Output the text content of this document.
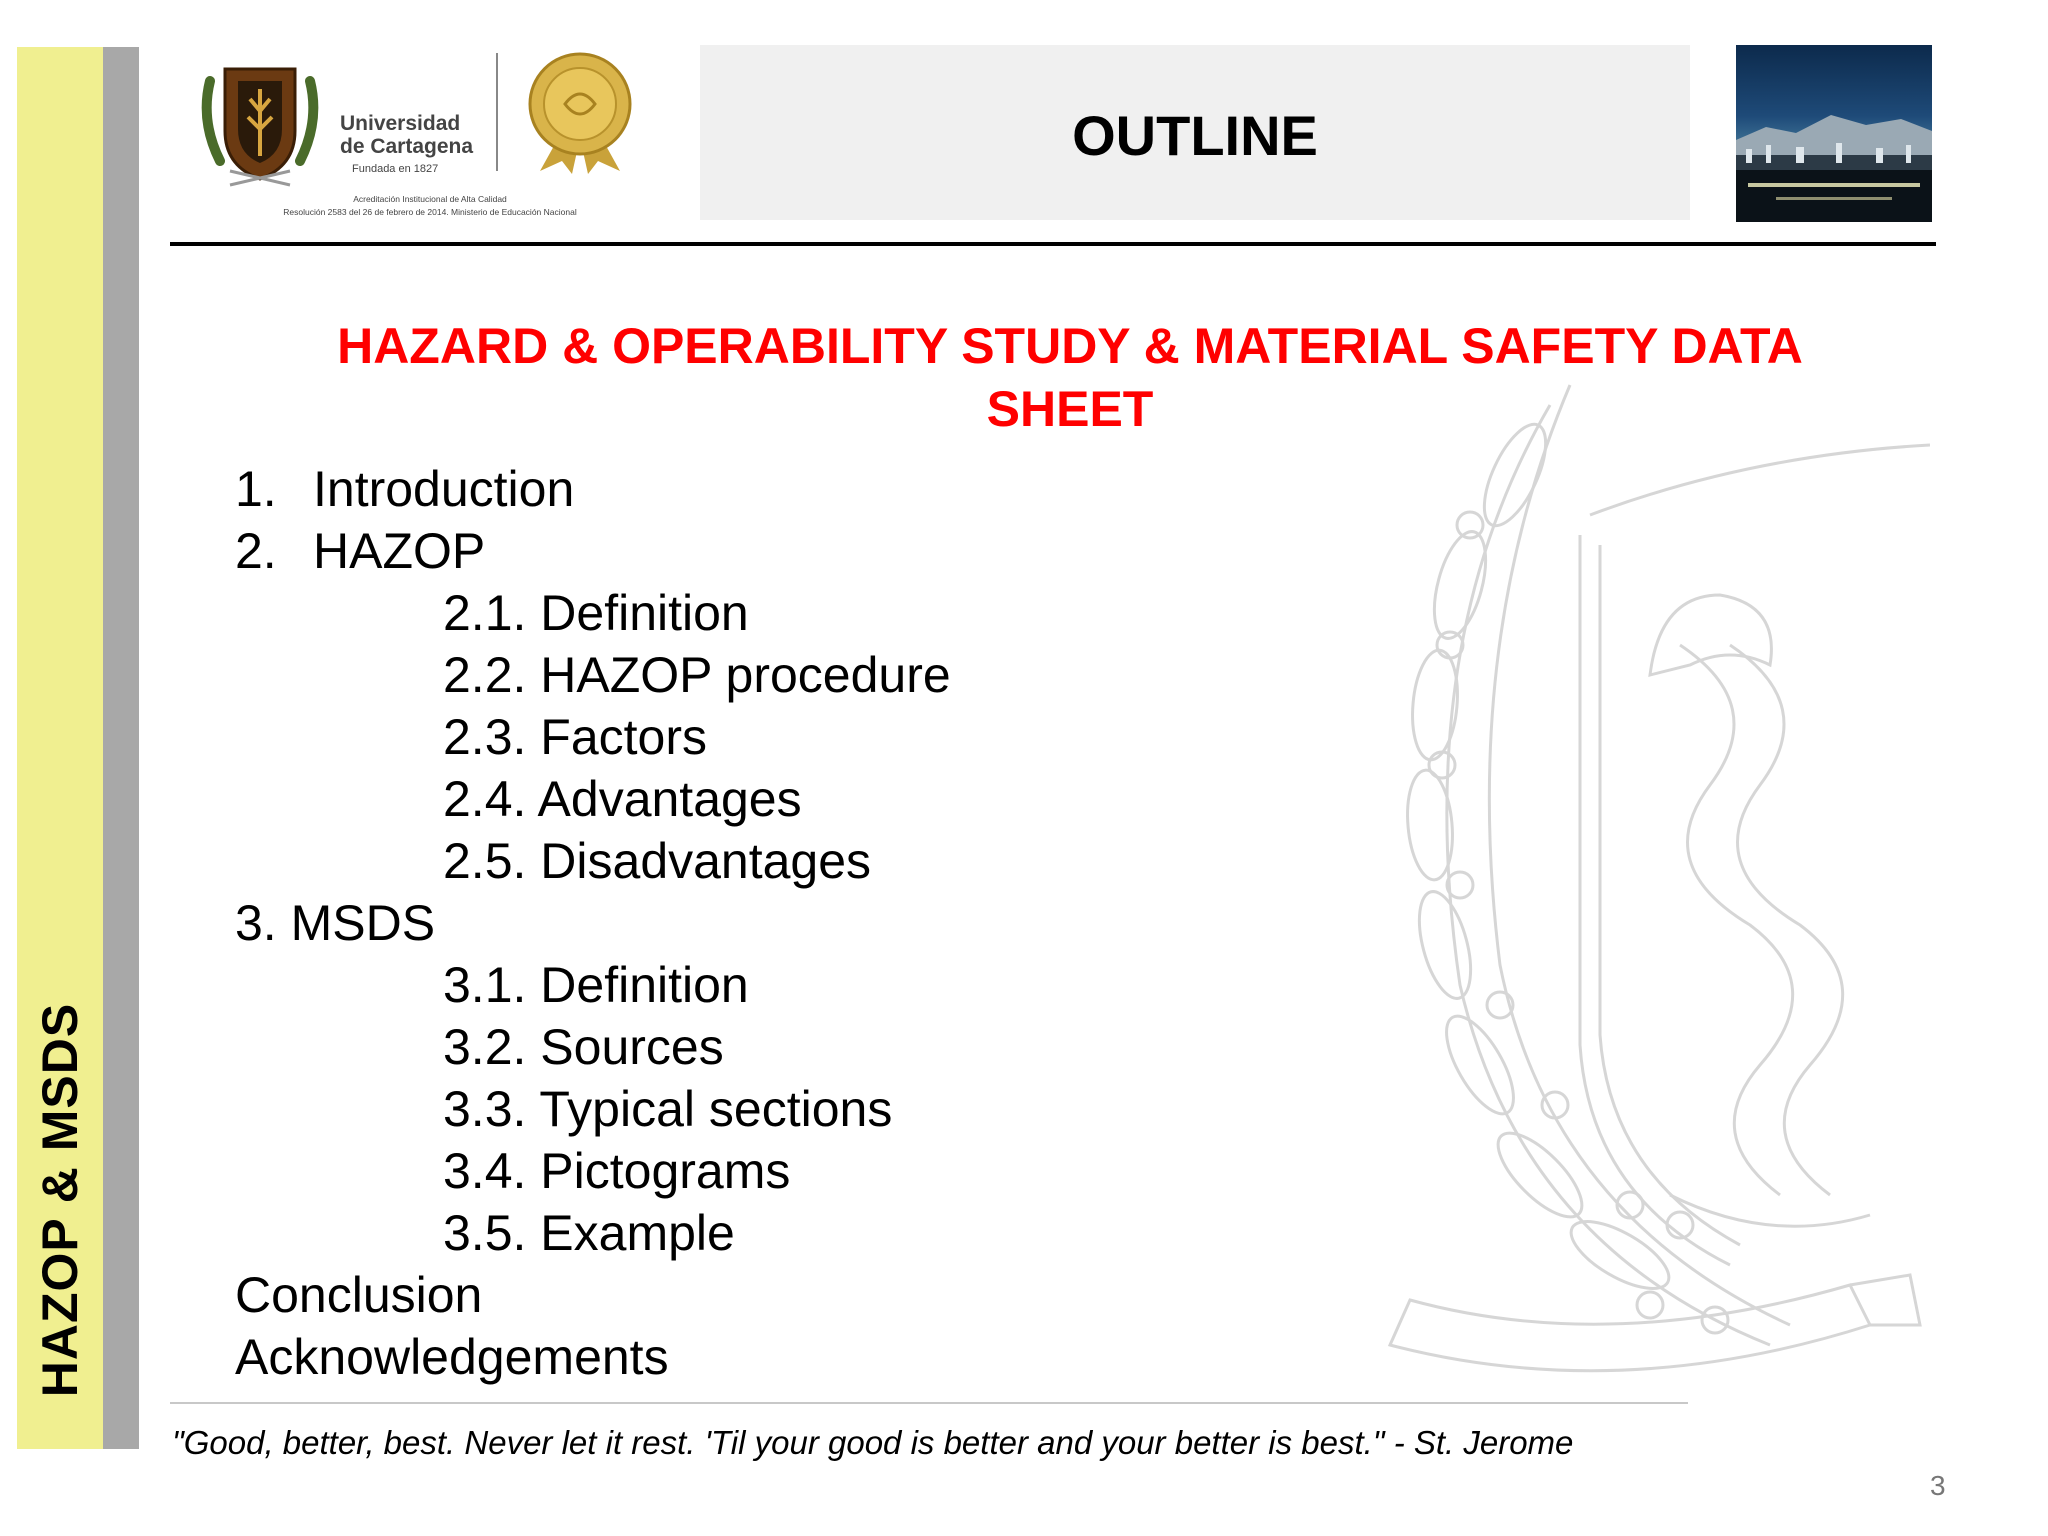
HAZOP & MSDS
Universidad
de Cartagena
Fundada en 1827
Acreditación Institucional de Alta Calidad
Resolución 2583 del 26 de febrero de 2014. Ministerio de Educación Nacional
OUTLINE
HAZARD & OPERABILITY STUDY & MATERIAL SAFETY DATA
SHEET
1. Introduction
2. HAZOP
2.1. Definition
2.2. HAZOP procedure
2.3. Factors
2.4. Advantages
2.5. Disadvantages
3. MSDS
3.1. Definition
3.2. Sources
3.3. Typical sections
3.4. Pictograms
3.5. Example
Conclusion
Acknowledgements
"Good, better, best. Never let it rest. 'Til your good is better and your better is best." - St. Jerome
3
